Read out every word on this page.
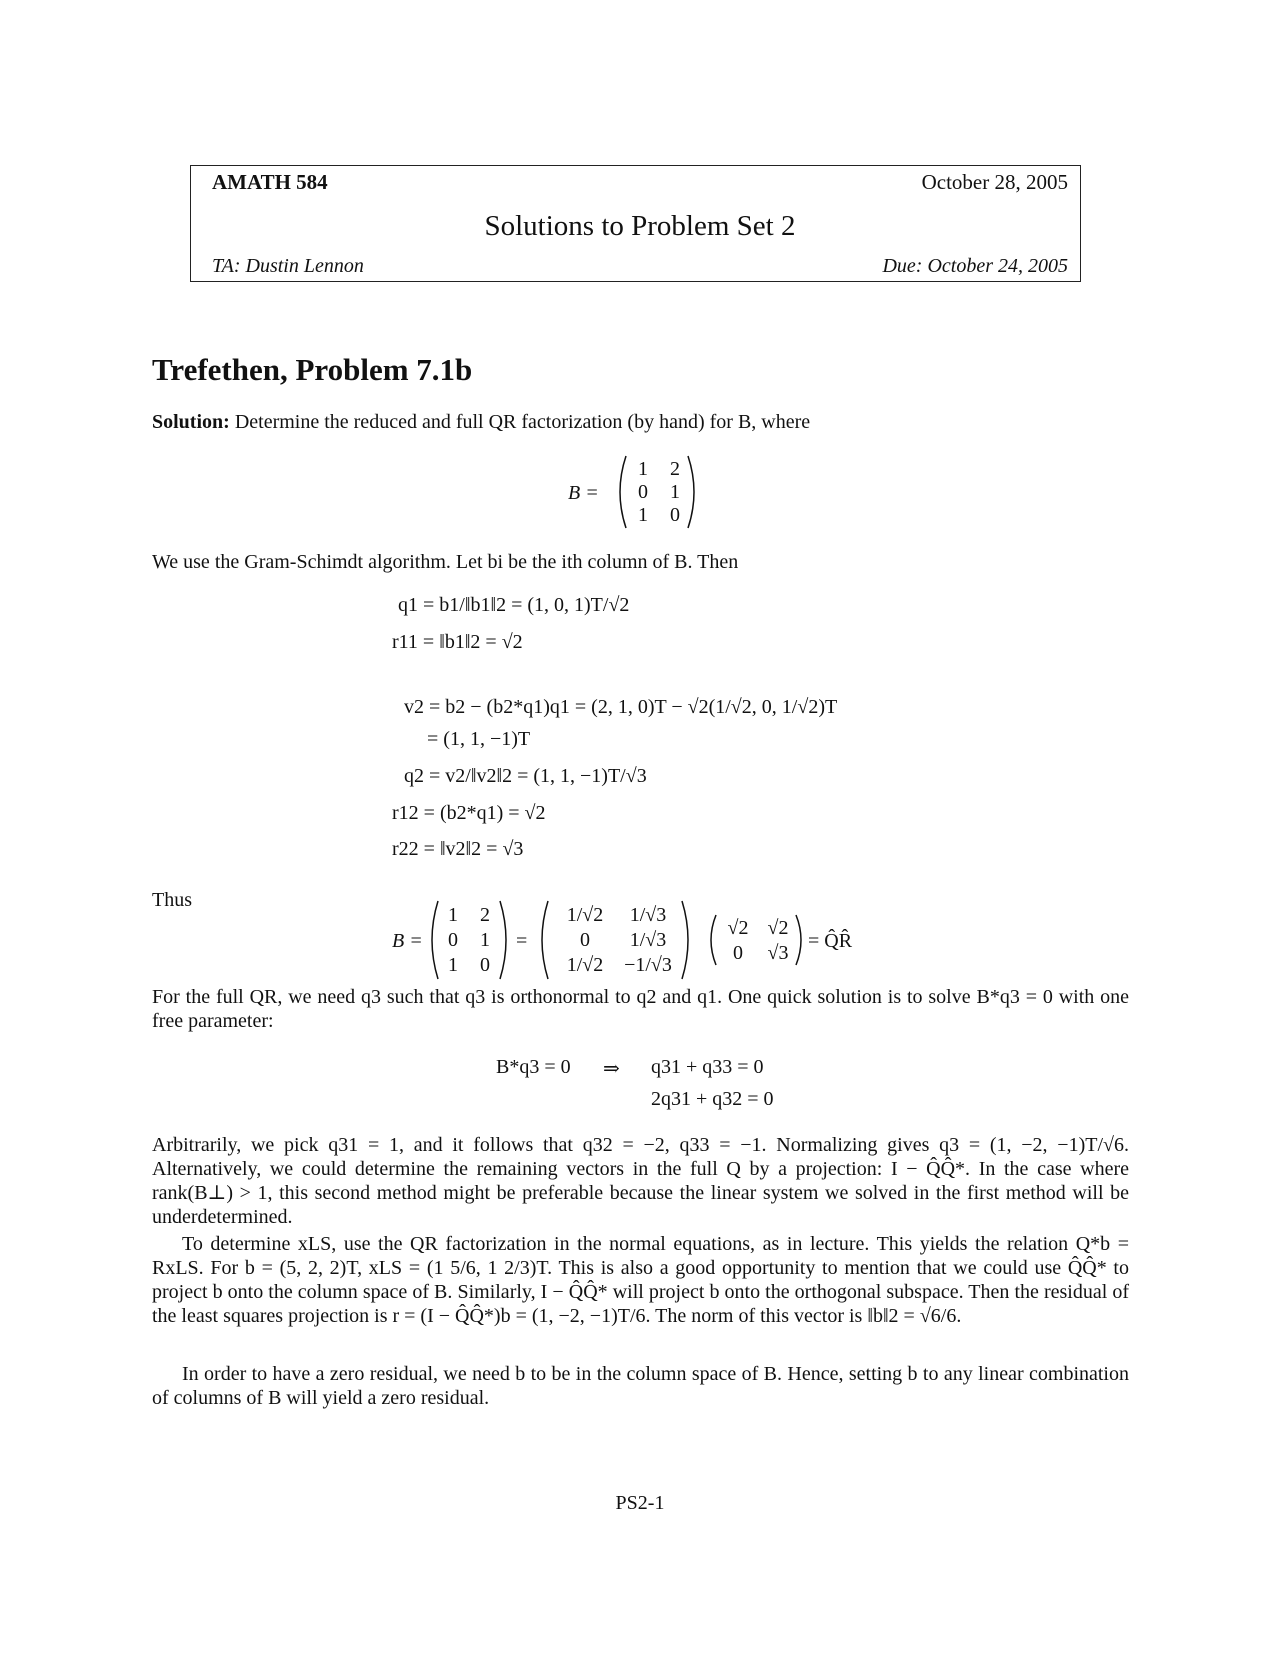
AMATH 584	October 28, 2005
Solutions to Problem Set 2
TA: Dustin Lennon	Due: October 24, 2005
Trefethen, Problem 7.1b
Solution: Determine the reduced and full QR factorization (by hand) for B, where
B =
1 2
0 1
1 0
We use the Gram-Schimdt algorithm. Let bi be the ith column of B. Then
q1 = b1/‖b1‖2 = (1, 0, 1)T/√2
r11 = ‖b1‖2 = √2
v2 = b2 − (b2*q1)q1 = (2, 1, 0)T − √2(1/√2, 0, 1/√2)T
= (1, 1, −1)T
q2 = v2/‖v2‖2 = (1, 1, −1)T/√3
r12 = (b2*q1) = √2
r22 = ‖v2‖2 = √3
Thus
B =
1 2
0 1
1 0
=
1/√2 1/√3
0 1/√3
1/√2 −1/√3
√2 √2
0 √3
= Q̂R̂
For the full QR, we need q3 such that q3 is orthonormal to q2 and q1. One quick solution is to solve B*q3 = 0 with one free parameter:
B*q3 = 0 ⇒ q31 + q33 = 0
2q31 + q32 = 0
Arbitrarily, we pick q31 = 1, and it follows that q32 = −2, q33 = −1. Normalizing gives q3 = (1, −2, −1)T/√6. Alternatively, we could determine the remaining vectors in the full Q by a projection: I − Q̂Q̂*. In the case where rank(B⊥) > 1, this second method might be preferable because the linear system we solved in the first method will be underdetermined.
To determine xLS, use the QR factorization in the normal equations, as in lecture. This yields the relation Q*b = RxLS. For b = (5, 2, 2)T, xLS = (1 5/6, 1 2/3)T. This is also a good opportunity to mention that we could use Q̂Q̂* to project b onto the column space of B. Similarly, I − Q̂Q̂* will project b onto the orthogonal subspace. Then the residual of the least squares projection is r = (I − Q̂Q̂*)b = (1, −2, −1)T/6. The norm of this vector is ‖b‖2 = √6/6.
In order to have a zero residual, we need b to be in the column space of B. Hence, setting b to any linear combination of columns of B will yield a zero residual.
PS2-1
